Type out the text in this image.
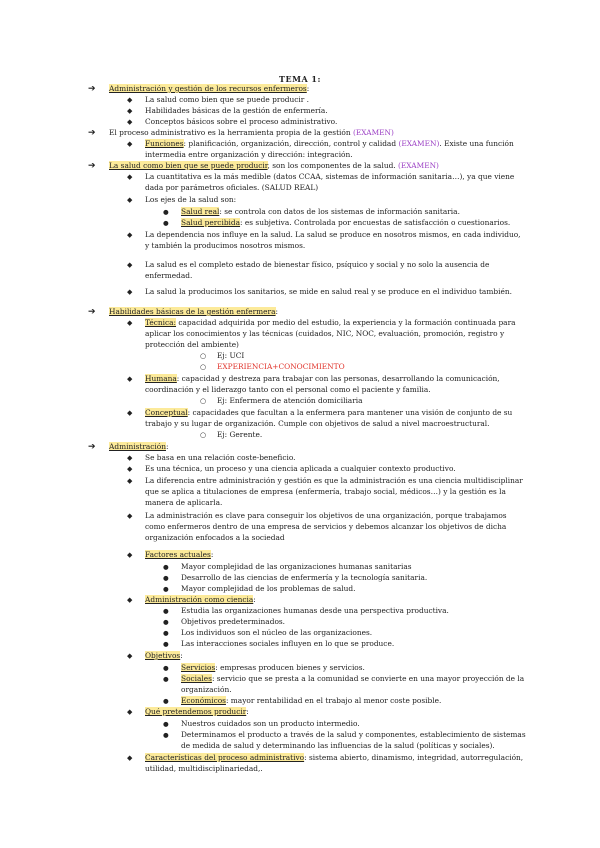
TEMA 1:
➔ Administración y gestión de los recursos enfermeros:
◆ La salud como bien que se puede producir .
◆ Habilidades básicas de la gestión de enfermería.
◆ Conceptos básicos sobre el proceso administrativo.
➔ El proceso administrativo es la herramienta propia de la gestión (EXAMEN)
◆ Funciones: planificación, organización, dirección, control y calidad (EXAMEN). Existe una función
intermedia entre organización y dirección: integración.
➔ La salud como bien que se puede producir, son los componentes de la salud. (EXAMEN)
◆ La cuantitativa es la más medible (datos CCAA, sistemas de información sanitaria…), ya que viene
dada por parámetros oficiales. (SALUD REAL)
◆ Los ejes de la salud son:
● Salud real: se controla con datos de los sistemas de información sanitaria.
● Salud percibida: es subjetiva. Controlada por encuestas de satisfacción o cuestionarios.
◆ La dependencia nos influye en la salud. La salud se produce en nosotros mismos, en cada individuo,
y también la producimos nosotros mismos.
◆ La salud es el completo estado de bienestar físico, psíquico y social y no solo la ausencia de
enfermedad.
◆ La salud la producimos los sanitarios, se mide en salud real y se produce en el individuo también.
➔ Habilidades básicas de la gestión enfermera:
◆ Técnica: capacidad adquirida por medio del estudio, la experiencia y la formación continuada para
aplicar los conocimientos y las técnicas (cuidados, NIC, NOC, evaluación, promoción, registro y
protección del ambiente)
○ Ej: UCI
○ EXPERIENCIA+CONOCIMIENTO
◆ Humana: capacidad y destreza para trabajar con las personas, desarrollando la comunicación,
coordinación y el liderazgo tanto con el personal como el paciente y familia.
○ Ej: Enfermera de atención domiciliaria
◆ Conceptual: capacidades que facultan a la enfermera para mantener una visión de conjunto de su
trabajo y su lugar de organización. Cumple con objetivos de salud a nivel macroestructural.
○ Ej: Gerente.
➔ Administración:
◆ Se basa en una relación coste-beneficio.
◆ Es una técnica, un proceso y una ciencia aplicada a cualquier contexto productivo.
◆ La diferencia entre administración y gestión es que la administración es una ciencia multidisciplinar
que se aplica a titulaciones de empresa (enfermería, trabajo social, médicos…) y la gestión es la
manera de aplicarla.
◆ La administración es clave para conseguir los objetivos de una organización, porque trabajamos
como enfermeros dentro de una empresa de servicios y debemos alcanzar los objetivos de dicha
organización enfocados a la sociedad
◆ Factores actuales:
● Mayor complejidad de las organizaciones humanas sanitarias
● Desarrollo de las ciencias de enfermería y la tecnología sanitaria.
● Mayor complejidad de los problemas de salud.
◆ Administración como ciencia:
● Estudia las organizaciones humanas desde una perspectiva productiva.
● Objetivos predeterminados.
● Los individuos son el núcleo de las organizaciones.
● Las interacciones sociales influyen en lo que se produce.
◆ Objetivos:
● Servicios: empresas producen bienes y servicios.
● Sociales: servicio que se presta a la comunidad se convierte en una mayor proyección de la
organización.
● Económicos: mayor rentabilidad en el trabajo al menor coste posible.
◆ Qué pretendemos producir:
● Nuestros cuidados son un producto intermedio.
● Determinamos el producto a través de la salud y componentes, establecimiento de sistemas
de medida de salud y determinando las influencias de la salud (políticas y sociales).
◆ Características del proceso administrativo: sistema abierto, dinamismo, integridad, autorregulación,
utilidad, multidisciplinariedad,.
